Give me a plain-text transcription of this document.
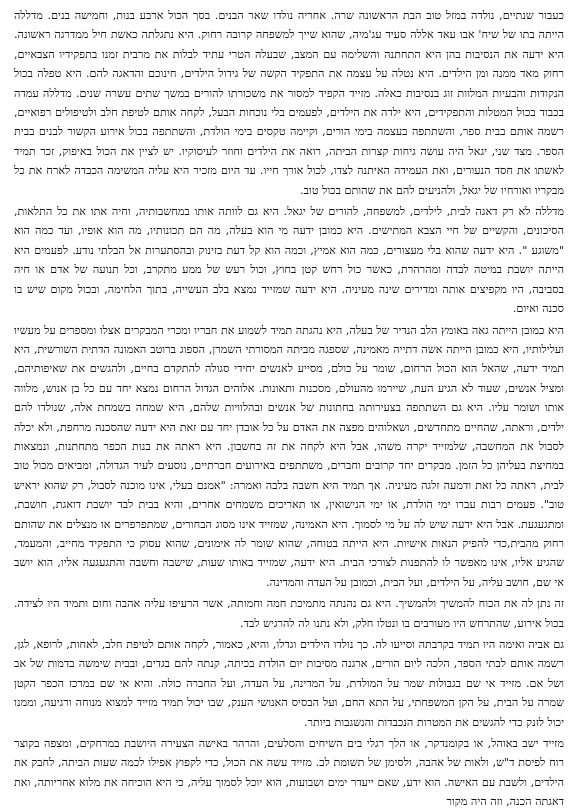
כעבור שנתיים, נולדה במזל טוב הבת הראשונה שרה. אחריה נולדו שאר הבנים. בסך הכול ארבע בנות, וחמישה בנים. מדללה הייתה בתו של שיח' אבו עאד אללה סעיד עג'מיה, שהוא שייך למשפחה קרובה רחוק. היא נתגלתה כאשת חיל ממדרגה ראשונה. היא ידעה את הנסיבות בהן היא התחתנה והשלימה עם המצב, שבעלה הטרי עתיד לבלות את מרבית זמנו בתפקידיו הצבאיים, רחוק מאד ממנה ומן הילדים. היא נטלה על עצמה את התפקיד הקשה של גידול הילדים, חינוכם והדאגה להם. היא טפלה בכול הנקודות והבעיות המלוות זוג בנסיבות כאלה. מזייד הקפיד למסור את משכורתו להורים במשך שתים עשרה שנים. מדללה עמדה בכבוד בכול המטלות והתפקידים, היא ילדה את הילדים, לפעמים בלי נוכחות הבעל, לקחה אותם לטיפת חלב ולטיפולים רפואיים, רשמה אותם בבית ספר, והשתתפה בעצמה בימי הורים, וקיימה טקסים בימי הולדת, והשתתפה בכול אירוע הקשור לבנים בבית הספר. מצד שני, יגאל היה עושה גיחות קצרות הביתה, רואה את הילדים וחוזר לעיסוקיו. יש לציין את הכול באיפוק, זכר תמיד לאשתו את חסד הנעורים, ואת העמידה האיתנה לצדו, לכול אורך חייו. עד היום מזכיר היא עליה המשימה הכבדה לארח את כל מבקריו ואורחיו של יגאל, ולהניעים להם את שהותם בכול טוב.

מדללה לא רק דאגה לבית, לילדים, למשפחה, להורים של יגאל. היא גם לוותה אותו במחשבותיה, וחיה אתו את כל התלאות, הסיכונים, והקשיים של חיי הצבא המתישים. היא כמובן ידעה מי הוא בעלה, מה הם תכונותיו, מה הוא אופיו, ועד כמה הוא "משוגע ". היא ידעה שהוא בלי מעצורים, כמה הוא אמיץ, וכמה הוא קל דעת בזינוק ובהסתערות אל הבלתי נודע. לפעמים היא הייתה יושבת במיטה לבדה ומהרהרת, כאשר כול רחש קטן בחוץ, וכול רעש של ממע מתקרב, וכל תנועה של אדם או חיה בסביבה, היו מקפיצים אותה ומדירים שינה מעיניה. היא ידעה שמזייד נמצא בלב העשייה, בתוך הלחימה, ובכול מקום שיש בו סכנה ואיום.

היא כמובן הייתה גאה באומץ הלב הנדיר של בעלה, היא נהגתה תמיד לשמוע את חבריו ומכרי המבקרים אצלו ומספרים על מעשיו ועלילותיו, היא כמובן הייתה אשה דתייה מאמינה, שספגה מביתה המסורתי השמרן, הספוג ברוטב האמונה הדתית השורשית, היא תמיד ידעה, שהאל הוא הכול הרחום, שומר על כולם, מסייע לאנשים יחידי סגולה להתקדם בחיים, ולהגשים את שאיפותיהם, ומציל אנשים, שעוד לא הגיע העת, שיירמו מהעולם, מסכנות ותאונות. אלוהים הגדול הרחום נמצא יחד עם כל בן אנוש, מלווה אותו ושומר עליו. היא גם השתתפה בצעירותה בחתונות של אנשים ובהלוויות שלהם, היא שמחה בשמחת אלה, שנולדו להם ילדים, וראתה, שהחיים מתחדשים, ושאלוהים מפצה את האדם על כל אובדן יחד עם זאת היא ידעה שהסכנה מרחפת, ולא יכלה לסבול את המחשבה, שלמזייד יקרה משהו, אבל היא לקחה את זה בחשבון. היא ראתה את בנות הכפר מתחתנות, ונמצאות במחיצת בעליהן כל הזמן. מבקרים יחד קרובים וחברים, משתתפים באירועים חברתיים, נוסעים לעיר הגדולה, ומביאים מכול טוב לבית, ראתה כל זאת ודמעה זלגה מעיניה. אך תמיד היא חשבה בלבה ואמרה: "אמנם בעלי, אינו מוכנה לסבול, רק שהוא יראיש טוב". פעמים רבות עברו ימי הולדת, או ימי הנישואין, או תאריכים משמחים אחרים, והיא בבית לבד יושבת דואגת, חושבת, ומתגעגעת. אבל היא ידעה שיש לה על מי לסמוך. היא האמינה, שמזייד אינו מסוג הבחורים, שמתפרפרים או מנצלים את שהותם רחוק מהבית,כדי להפיק הנאות אישיות. היא הייתה בטוחה, שהוא שומר לה אימונים, שהוא עסוק כי התפקיד מחייב, והמעמד, שהגיע אליו, אינו מאפשר לו להתפנות לצורכי הבית. היא ידעה, שמזייד באותו שעות, שישבה וחשבה והתגעגעה אליו, הוא יושב אי שם, חושב עליה, על הילדים, ועל הבית, וכמובן על העדה והמדינה.

זה נתן לה את הכוח להמשיך ולהמשיך. היא גם נהנתה מתמיכת חמה וחמותה, אשר הרעיפו עליה אהבה וחום ותמיד היו לצידה. בכול אירוע, שהתרחש היו מעורבים בו ונטלו חלק, ולא נתנו לה להרגיש לבד.

גם אביה ואימה היו תמיד בקרבתה וסייעו לה. כך נולדו הילדים וגדלו, והיא, כאמור, לקחה אותם לטיפת חלב, לאחות, לרופא, לגן, רשמה אותם לבתי הספר, הלכה ליום הורים, ארגנה מסיבות יום הולדת בכיתה, קנתה להם בגדים, ובבית שימשה בדמות של אב ושל אם. מזייד אי שם בגבולות שמר על המולדת, על המדינה, על העדה, ועל החברה כולה. והיא אי שם במרכז הכפר הקטן שמרה על הבית, על הקן המשפחתי, על התא החם, ועל הבסיס האנושי הענק, שבו יכול תמיד מזייד למצוא מנוחה ורגיעה, וממנו יכול לזנק כדי להגשים את המטרות הנכבדות והנשגבות ביותר.

מזייד ישב באוהל, או בקומנדקר, או הלך רגלי בים השיחים והסלעים, והרהר באישה הצעירה היושבת במרחקים, ומצפה בקוצר רוח לפיסת ד"ש, ולאות של אהבה, ולסימן של תשומת לב. מזייד עשה את הכול, כדי לקפוץ אפילו לכמה שעות הביתה, לחבק את הילדים, ולשבת עם האישה. הוא ידע, שאם ייעדר ימים ושבועות, הוא יוכל לסמוך עליה, כי היא הוכיחה את מלוא אחריותה, ואת דאגתה הכנה, וזה היה מקור
